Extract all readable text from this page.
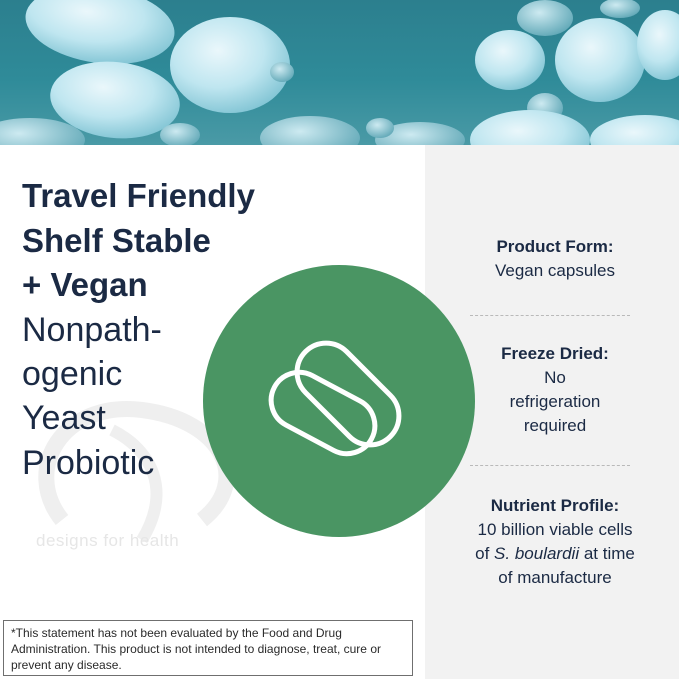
designs for health
Travel Friendly
Shelf Stable
+ Vegan
Nonpath-
ogenic
Yeast
Probiotic
Product Form:
Vegan capsules
Freeze Dried:
No
refrigeration
required
Nutrient Profile:
10 billion viable cells
of S. boulardii at time
of manufacture
*This statement has not been evaluated by the Food and Drug Administration. This product is not intended to diagnose, treat, cure or prevent any disease.
